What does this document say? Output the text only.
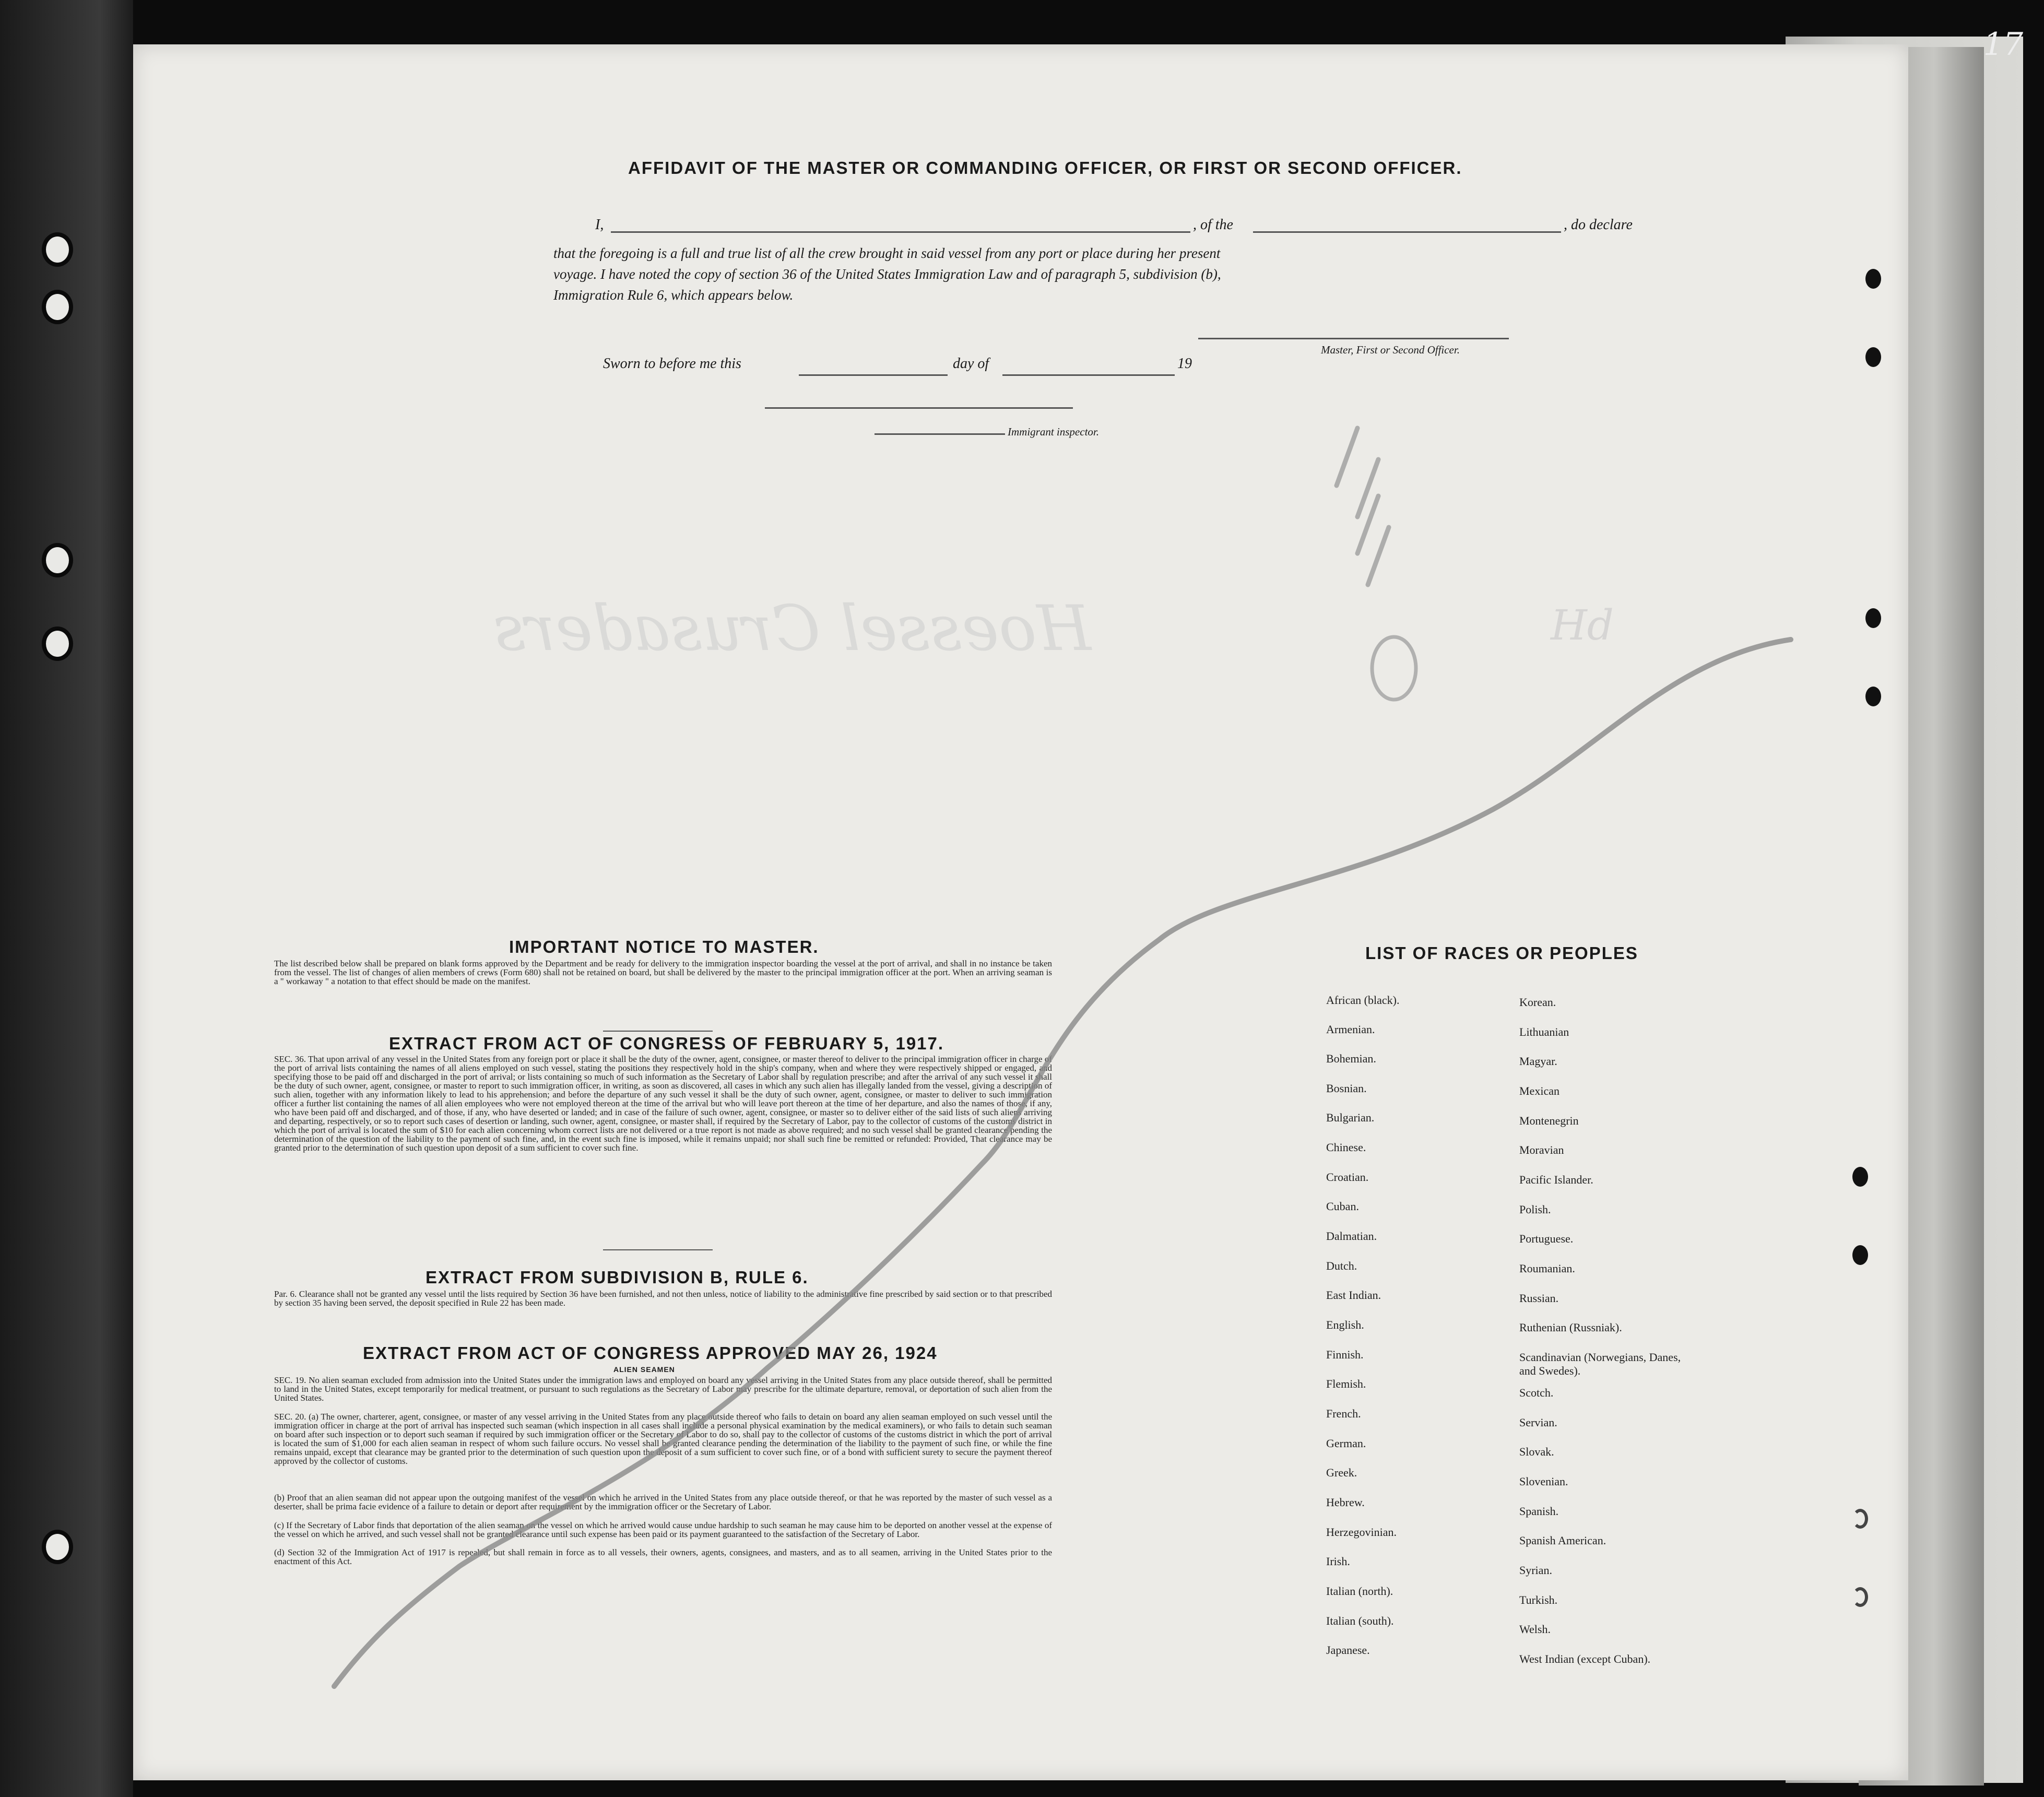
AFFIDAVIT OF THE MASTER OR COMMANDING OFFICER, OR FIRST OR SECOND OFFICER.
I,	, of the	, do declare
that the foregoing is a full and true list of all the crew brought in said vessel from any port or place during her present
voyage. I have noted the copy of section 36 of the United States Immigration Law and of paragraph 5, subdivision (b),
Immigration Rule 6, which appears below.
Master, First or Second Officer.
Sworn to before me this	day of	19
Immigrant inspector.
IMPORTANT NOTICE TO MASTER.
The list described below shall be prepared on blank forms approved by the Department and be ready for delivery to the immigration inspector boarding the vessel at the port of arrival, and shall in no instance be taken from the vessel. The list of changes of alien members of crews (Form 680) shall not be retained on board, but shall be delivered by the master to the principal immigration officer at the port. When an arriving seaman is a " workaway " a notation to that effect should be made on the manifest.
EXTRACT FROM ACT OF CONGRESS OF FEBRUARY 5, 1917.
SEC. 36. That upon arrival of any vessel in the United States from any foreign port or place it shall be the duty of the owner, agent, consignee, or master thereof to deliver to the principal immigration officer in charge of the port of arrival lists containing the names of all aliens employed on such vessel, stating the positions they respectively hold in the ship's company, when and where they were respectively shipped or engaged, and specifying those to be paid off and discharged in the port of arrival; or lists containing so much of such information as the Secretary of Labor shall by regulation prescribe; and after the arrival of any such vessel it shall be the duty of such owner, agent, consignee, or master to report to such immigration officer, in writing, as soon as discovered, all cases in which any such alien has illegally landed from the vessel, giving a description of such alien, together with any information likely to lead to his apprehension; and before the departure of any such vessel it shall be the duty of such owner, agent, consignee, or master to deliver to such immigration officer a further list containing the names of all alien employees who were not employed thereon at the time of the arrival but who will leave port thereon at the time of her departure, and also the names of those, if any, who have been paid off and discharged, and of those, if any, who have deserted or landed; and in case of the failure of such owner, agent, consignee, or master so to deliver either of the said lists of such aliens arriving and departing, respectively, or so to report such cases of desertion or landing, such owner, agent, consignee, or master shall, if required by the Secretary of Labor, pay to the collector of customs of the customs district in which the port of arrival is located the sum of $10 for each alien concerning whom correct lists are not delivered or a true report is not made as above required; and no such vessel shall be granted clearance pending the determination of the question of the liability to the payment of such fine, and, in the event such fine is imposed, while it remains unpaid; nor shall such fine be remitted or refunded: Provided, That clearance may be granted prior to the determination of such question upon deposit of a sum sufficient to cover such fine.
EXTRACT FROM SUBDIVISION B, RULE 6.
Par. 6. Clearance shall not be granted any vessel until the lists required by Section 36 have been furnished, and not then unless, notice of liability to the administrative fine prescribed by said section or to that prescribed by section 35 having been served, the deposit specified in Rule 22 has been made.
EXTRACT FROM ACT OF CONGRESS APPROVED MAY 26, 1924
ALIEN SEAMEN
SEC. 19. No alien seaman excluded from admission into the United States under the immigration laws and employed on board any vessel arriving in the United States from any place outside thereof, shall be permitted to land in the United States, except temporarily for medical treatment, or pursuant to such regulations as the Secretary of Labor may prescribe for the ultimate departure, removal, or deportation of such alien from the United States.
SEC. 20. (a) The owner, charterer, agent, consignee, or master of any vessel arriving in the United States from any place outside thereof who fails to detain on board any alien seaman employed on such vessel until the immigration officer in charge at the port of arrival has inspected such seaman (which inspection in all cases shall include a personal physical examination by the medical examiners), or who fails to detain such seaman on board after such inspection or to deport such seaman if required by such immigration officer or the Secretary of Labor to do so, shall pay to the collector of customs of the customs district in which the port of arrival is located the sum of $1,000 for each alien seaman in respect of whom such failure occurs. No vessel shall be granted clearance pending the determination of the liability to the payment of such fine, or while the fine remains unpaid, except that clearance may be granted prior to the determination of such question upon the deposit of a sum sufficient to cover such fine, or of a bond with sufficient surety to secure the payment thereof approved by the collector of customs.
(b) Proof that an alien seaman did not appear upon the outgoing manifest of the vessel on which he arrived in the United States from any place outside thereof, or that he was reported by the master of such vessel as a deserter, shall be prima facie evidence of a failure to detain or deport after requirement by the immigration officer or the Secretary of Labor.
(c) If the Secretary of Labor finds that deportation of the alien seaman on the vessel on which he arrived would cause undue hardship to such seaman he may cause him to be deported on another vessel at the expense of the vessel on which he arrived, and such vessel shall not be granted clearance until such expense has been paid or its payment guaranteed to the satisfaction of the Secretary of Labor.
(d) Section 32 of the Immigration Act of 1917 is repealed, but shall remain in force as to all vessels, their owners, agents, consignees, and masters, and as to all seamen, arriving in the United States prior to the enactment of this Act.
LIST OF RACES OR PEOPLES
African (black).
Armenian.
Bohemian.
Bosnian.
Bulgarian.
Chinese.
Croatian.
Cuban.
Dalmatian.
Dutch.
East Indian.
English.
Finnish.
Flemish.
French.
German.
Greek.
Hebrew.
Herzegovinian.
Irish.
Italian (north).
Italian (south).
Japanese.
Korean.
Lithuanian
Magyar.
Mexican
Montenegrin
Moravian
Pacific Islander.
Polish.
Portuguese.
Roumanian.
Russian.
Ruthenian (Russniak).
Scandinavian (Norwegians, Danes, and Swedes).
Scotch.
Servian.
Slovak.
Slovenian.
Spanish.
Spanish American.
Syrian.
Turkish.
Welsh.
West Indian (except Cuban).
Hoessel Crusaders	Hd
17
